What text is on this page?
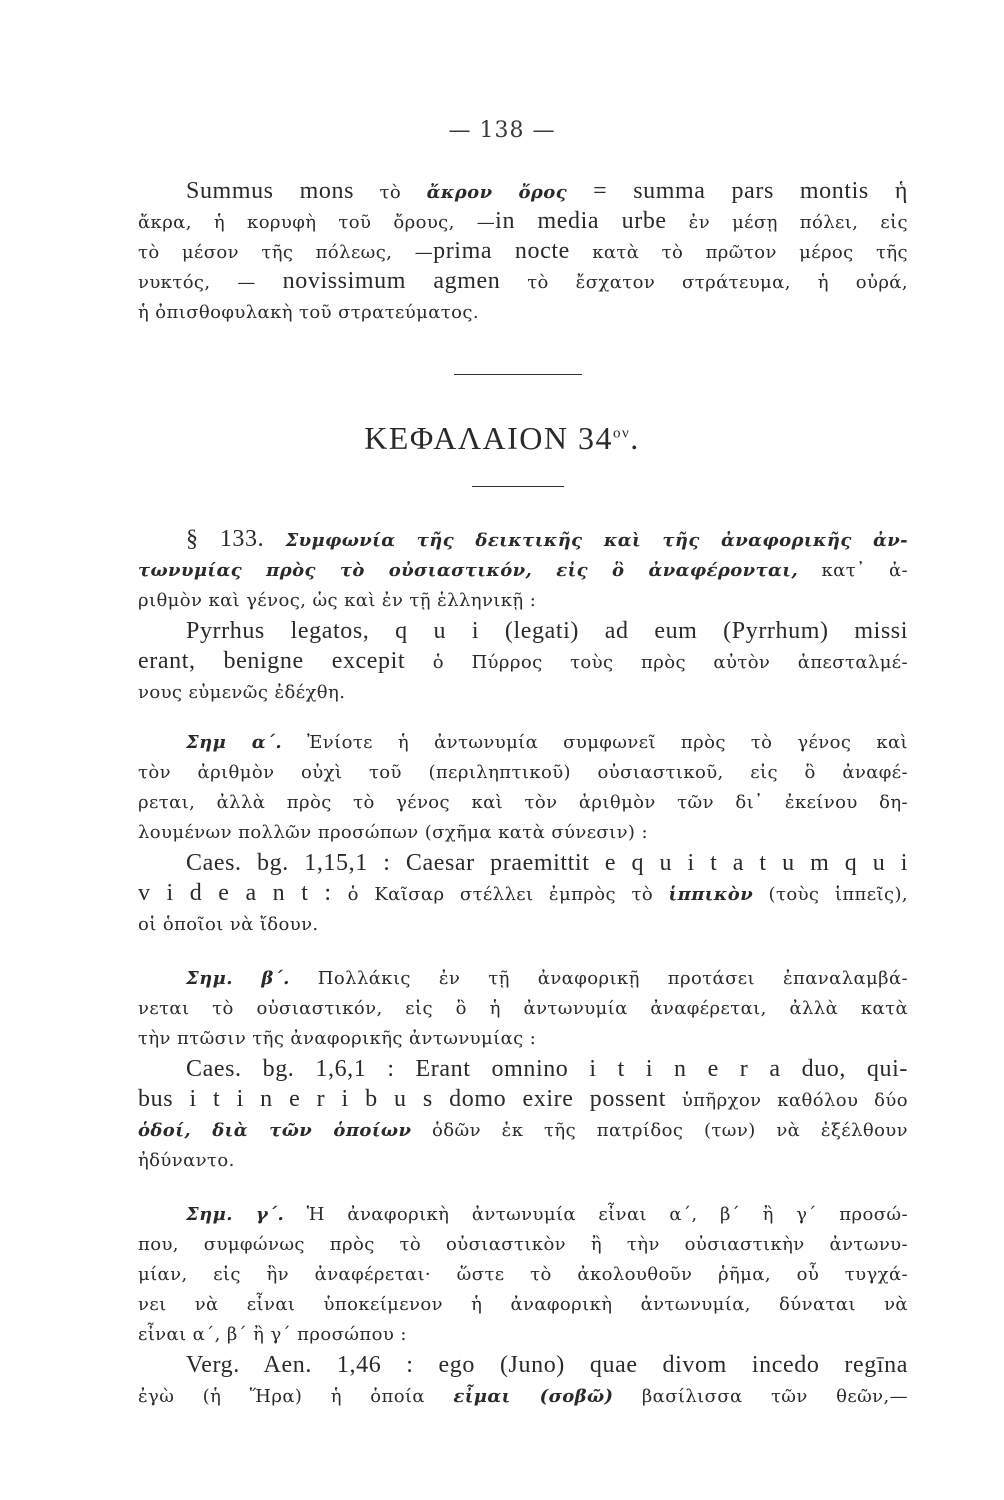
— 138 —
Summus mons τὸ ἄκρον ὄρος = summa pars montis ἡ
ἄκρα, ἡ κορυφὴ τοῦ ὄρους, —in media urbe ἐν μέσῃ πόλει, εἰς
τὸ μέσον τῆς πόλεως, —prima nocte κατὰ τὸ πρῶτον μέρος τῆς
νυκτός, — novissimum agmen τὸ ἔσχατον στράτευμα, ἡ οὐρά,
ἡ ὀπισθοφυλακὴ τοῦ στρατεύματος.
ΚΕΦΑΛΑΙΟΝ $34^{o\nu}$.
§ 133. Συμφωνία τῆς δεικτικῆς καὶ τῆς ἀναφορικῆς ἀν-
τωνυμίας πρὸς τὸ οὐσιαστικόν, εἰς ὃ ἀναφέρονται, κατ᾽ ἀ-
ριθμὸν καὶ γένος, ὡς καὶ ἐν τῇ ἑλληνικῇ :
Pyrrhus legatos, q u i (legati) ad eum (Pyrrhum) missi
erant, benigne excepit ὁ Πύρρος τοὺς πρὸς αὐτὸν ἀπεσταλμέ-
νους εὐμενῶς ἐδέχθη.
Σημ α΄. Ἐνίοτε ἡ ἀντωνυμία συμφωνεῖ πρὸς τὸ γένος καὶ
τὸν ἀριθμὸν οὐχὶ τοῦ (περιληπτικοῦ) οὐσιαστικοῦ, εἰς ὃ ἀναφέ-
ρεται, ἀλλὰ πρὸς τὸ γένος καὶ τὸν ἀριθμὸν τῶν δι᾽ ἐκείνου δη-
λουμένων πολλῶν προσώπων (σχῆμα κατὰ σύνεσιν) :
Caes. bg. 1,15,1 : Caesar praemittit e q u i t a t u m q u i
v i d e a n t : ὁ Καῖσαρ στέλλει ἐμπρὸς τὸ ἱππικὸν (τοὺς ἱππεῖς),
οἱ ὁποῖοι νὰ ἴδουν.
Σημ. β΄. Πολλάκις ἐν τῇ ἀναφορικῇ προτάσει ἐπαναλαμβά-
νεται τὸ οὐσιαστικόν, εἰς ὃ ἡ ἀντωνυμία ἀναφέρεται, ἀλλὰ κατὰ
τὴν πτῶσιν τῆς ἀναφορικῆς ἀντωνυμίας :
Caes. bg. 1,6,1 : Erant omnino i t i n e r a duo, qui-
bus i t i n e r i b u s domo exire possent ὑπῆρχον καθόλου δύο
ὁδοί, διὰ τῶν ὁποίων ὁδῶν ἐκ τῆς πατρίδος (των) νὰ ἐξέλθουν
ἠδύναντο.
Σημ. γ΄. Ἡ ἀναφορικὴ ἀντωνυμία εἶναι α΄, β΄ ἢ γ΄ προσώ-
που, συμφώνως πρὸς τὸ οὐσιαστικὸν ἢ τὴν οὐσιαστικὴν ἀντωνυ-
μίαν, εἰς ἣν ἀναφέρεται· ὥστε τὸ ἀκολουθοῦν ῥῆμα, οὗ τυγχά-
νει νὰ εἶναι ὑποκείμενον ἡ ἀναφορικὴ ἀντωνυμία, δύναται νὰ
εἶναι α΄, β΄ ἢ γ΄ προσώπου :
Verg. Aen. 1,46 : ego (Juno) quae divom incedo regīna
ἐγὼ (ἡ Ἥρα) ἡ ὁποία εἶμαι (σοβῶ) βασίλισσα τῶν θεῶν,—
